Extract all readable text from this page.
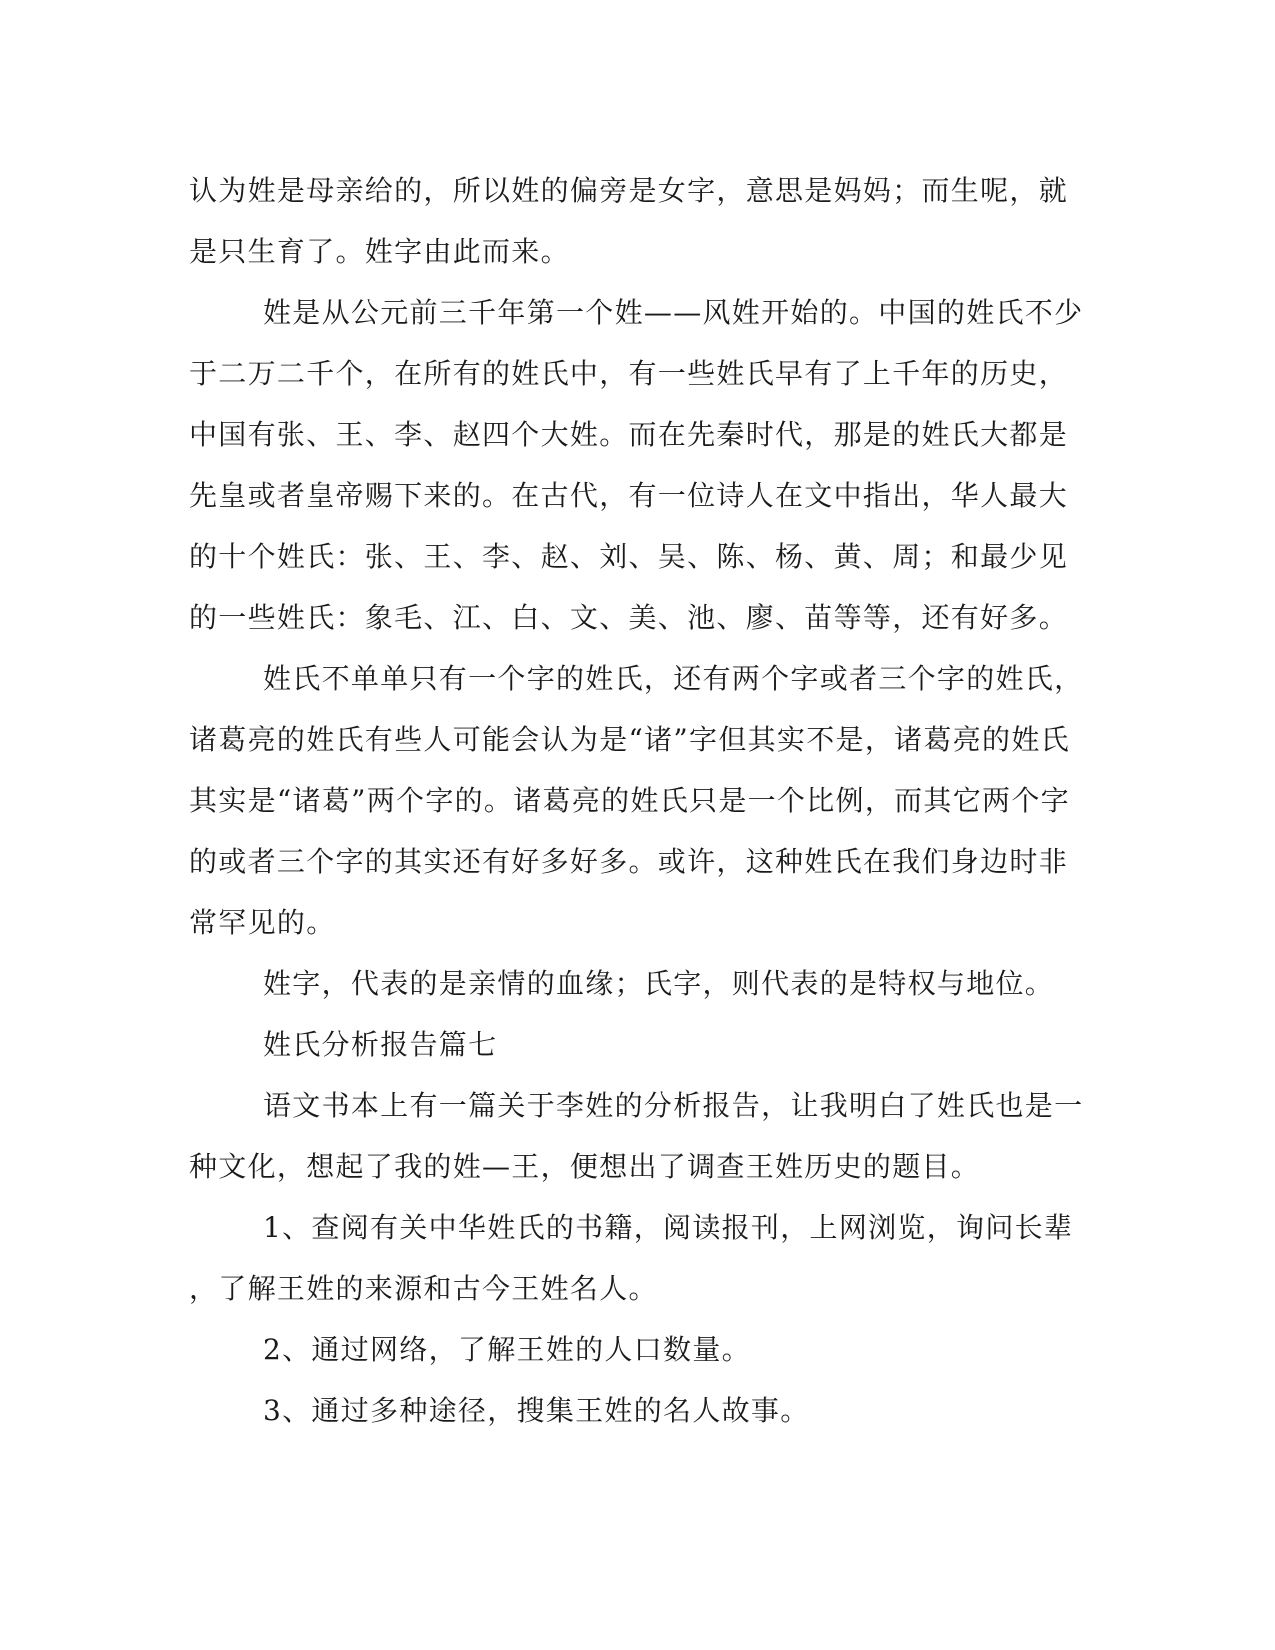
认为姓是母亲给的，所以姓的偏旁是女字，意思是妈妈；而生呢，就
是只生育了。姓字由此而来。
姓是从公元前三千年第一个姓——风姓开始的。中国的姓氏不少
于二万二千个，在所有的姓氏中，有一些姓氏早有了上千年的历史，
中国有张、王、李、赵四个大姓。而在先秦时代，那是的姓氏大都是
先皇或者皇帝赐下来的。在古代，有一位诗人在文中指出，华人最大
的十个姓氏：张、王、李、赵、刘、吴、陈、杨、黄、周；和最少见
的一些姓氏：象毛、江、白、文、美、池、廖、苗等等，还有好多。
姓氏不单单只有一个字的姓氏，还有两个字或者三个字的姓氏，
诸葛亮的姓氏有些人可能会认为是“诸”字但其实不是，诸葛亮的姓氏
其实是“诸葛”两个字的。诸葛亮的姓氏只是一个比例，而其它两个字
的或者三个字的其实还有好多好多。或许，这种姓氏在我们身边时非
常罕见的。
姓字，代表的是亲情的血缘；氏字，则代表的是特权与地位。
姓氏分析报告篇七
语文书本上有一篇关于李姓的分析报告，让我明白了姓氏也是一
种文化，想起了我的姓—王，便想出了调查王姓历史的题目。
1、查阅有关中华姓氏的书籍，阅读报刊，上网浏览，询问长辈
，了解王姓的来源和古今王姓名人。
2、通过网络，了解王姓的人口数量。
3、通过多种途径，搜集王姓的名人故事。
